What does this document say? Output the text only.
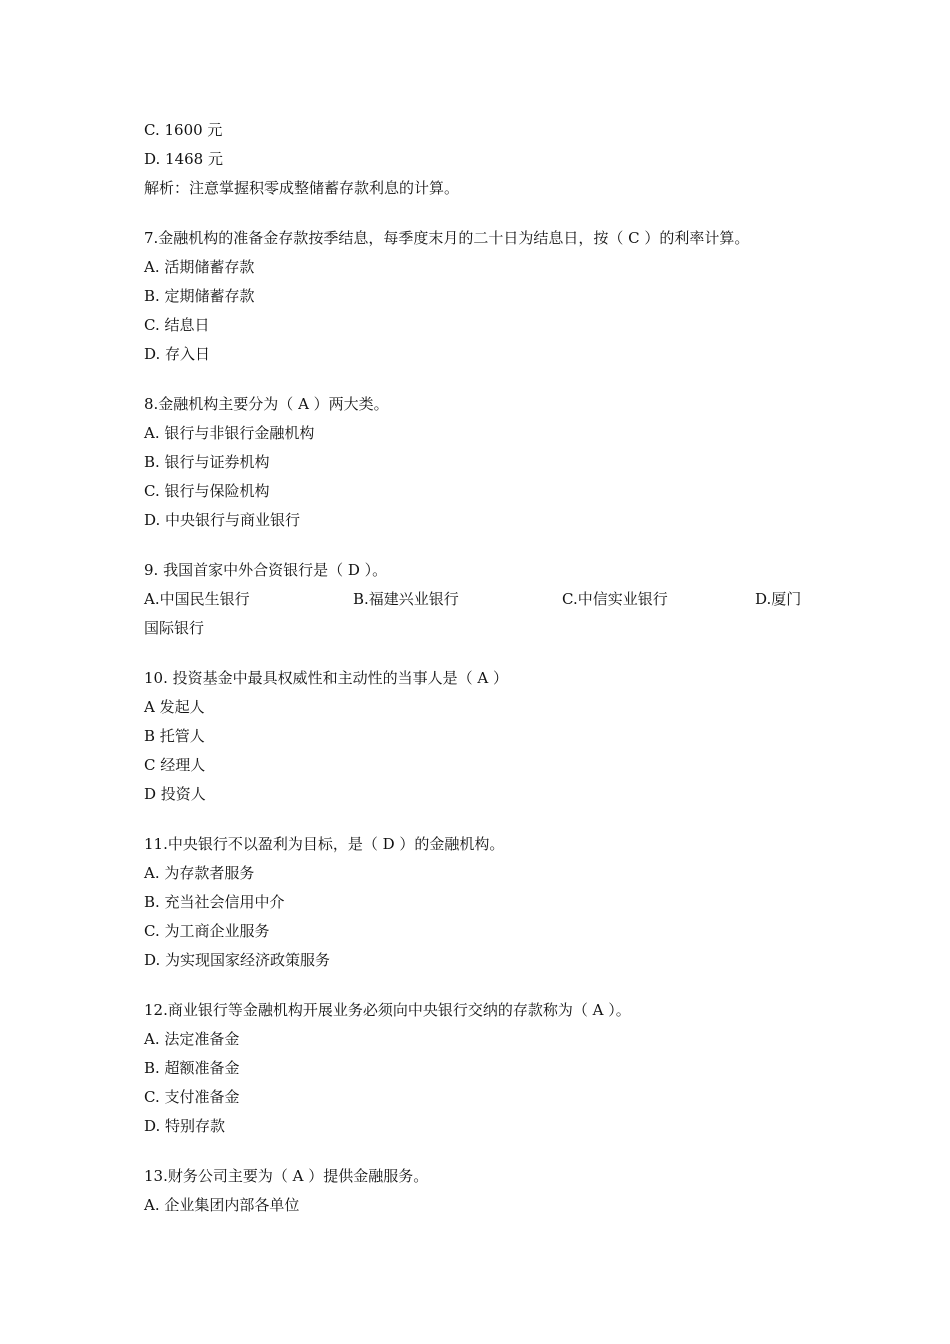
C. 1600 元
D. 1468 元
解析：注意掌握积零成整储蓄存款利息的计算。
7.金融机构的准备金存款按季结息，每季度末月的二十日为结息日，按（ C ）的利率计算。
A. 活期储蓄存款
B. 定期储蓄存款
C. 结息日
D. 存入日
8.金融机构主要分为（ A ）两大类。
A. 银行与非银行金融机构
B. 银行与证券机构
C. 银行与保险机构
D. 中央银行与商业银行
9. 我国首家中外合资银行是（ D ）。
A.中国民生银行	B.福建兴业银行	C.中信实业银行	D.厦门
国际银行
10. 投资基金中最具权威性和主动性的当事人是（ A ）
A 发起人
B 托管人
C 经理人
D 投资人
11.中央银行不以盈利为目标，是（ D ）的金融机构。
A. 为存款者服务
B. 充当社会信用中介
C. 为工商企业服务
D. 为实现国家经济政策服务
12.商业银行等金融机构开展业务必须向中央银行交纳的存款称为（ A ）。
A. 法定准备金
B. 超额准备金
C. 支付准备金
D. 特别存款
13.财务公司主要为（ A ）提供金融服务。
A. 企业集团内部各单位
